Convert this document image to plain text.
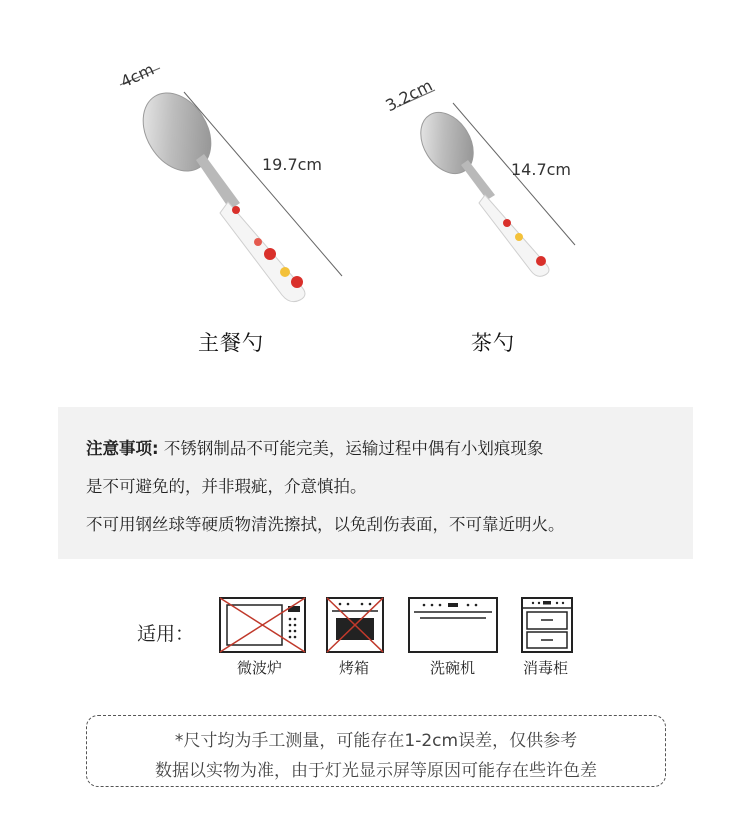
4cm
19.7cm
主餐勺
3.2cm
14.7cm
茶勺

注意事项: 不锈钢制品不可能完美，运输过程中偶有小划痕现象

是不可避免的，并非瑕疵，介意慎拍。

不可用钢丝球等硬质物清洗擦拭，以免刮伤表面，不可靠近明火。

适用：
微波炉	烤箱	洗碗机	消毒柜
*尺寸均为手工测量，可能存在1-2cm误差，仅供参考
数据以实物为准，由于灯光显示屏等原因可能存在些许色差
